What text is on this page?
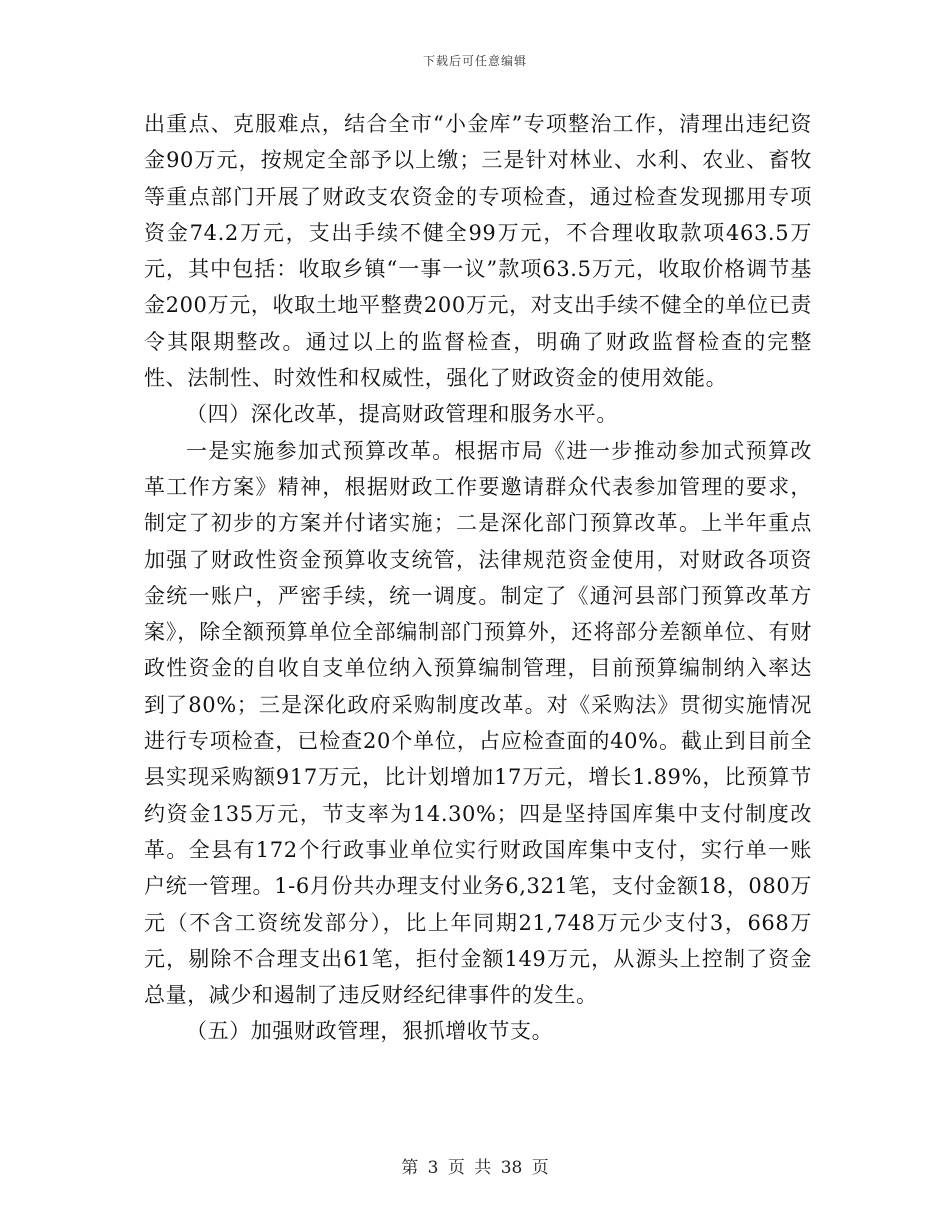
下载后可任意编辑

出重点、克服难点，结合全市“小金库”专项整治工作，清理出违纪资金90万元，按规定全部予以上缴；三是针对林业、水利、农业、畜牧等重点部门开展了财政支农资金的专项检查，通过检查发现挪用专项资金74.2万元，支出手续不健全99万元，不合理收取款项463.5万元，其中包括：收取乡镇“一事一议”款项63.5万元，收取价格调节基金200万元，收取土地平整费200万元，对支出手续不健全的单位已责令其限期整改。通过以上的监督检查，明确了财政监督检查的完整性、法制性、时效性和权威性，强化了财政资金的使用效能。

（四）深化改革，提高财政管理和服务水平。

一是实施参加式预算改革。根据市局《进一步推动参加式预算改革工作方案》精神，根据财政工作要邀请群众代表参加管理的要求，制定了初步的方案并付诸实施；二是深化部门预算改革。上半年重点加强了财政性资金预算收支统管，法律规范资金使用，对财政各项资金统一账户，严密手续，统一调度。制定了《通河县部门预算改革方案》，除全额预算单位全部编制部门预算外，还将部分差额单位、有财政性资金的自收自支单位纳入预算编制管理，目前预算编制纳入率达到了80%；三是深化政府采购制度改革。对《采购法》贯彻实施情况进行专项检查，已检查20个单位，占应检查面的40%。截止到目前全县实现采购额917万元，比计划增加17万元，增长1.89%，比预算节约资金135万元，节支率为14.30%；四是坚持国库集中支付制度改革。全县有172个行政事业单位实行财政国库集中支付，实行单一账户统一管理。1-6月份共办理支付业务6,321笔，支付金额18，080万元（不含工资统发部分），比上年同期21,748万元少支付3，668万元，剔除不合理支出61笔，拒付金额149万元，从源头上控制了资金总量，减少和遏制了违反财经纪律事件的发生。

（五）加强财政管理，狠抓增收节支。

第 3 页 共 38 页
